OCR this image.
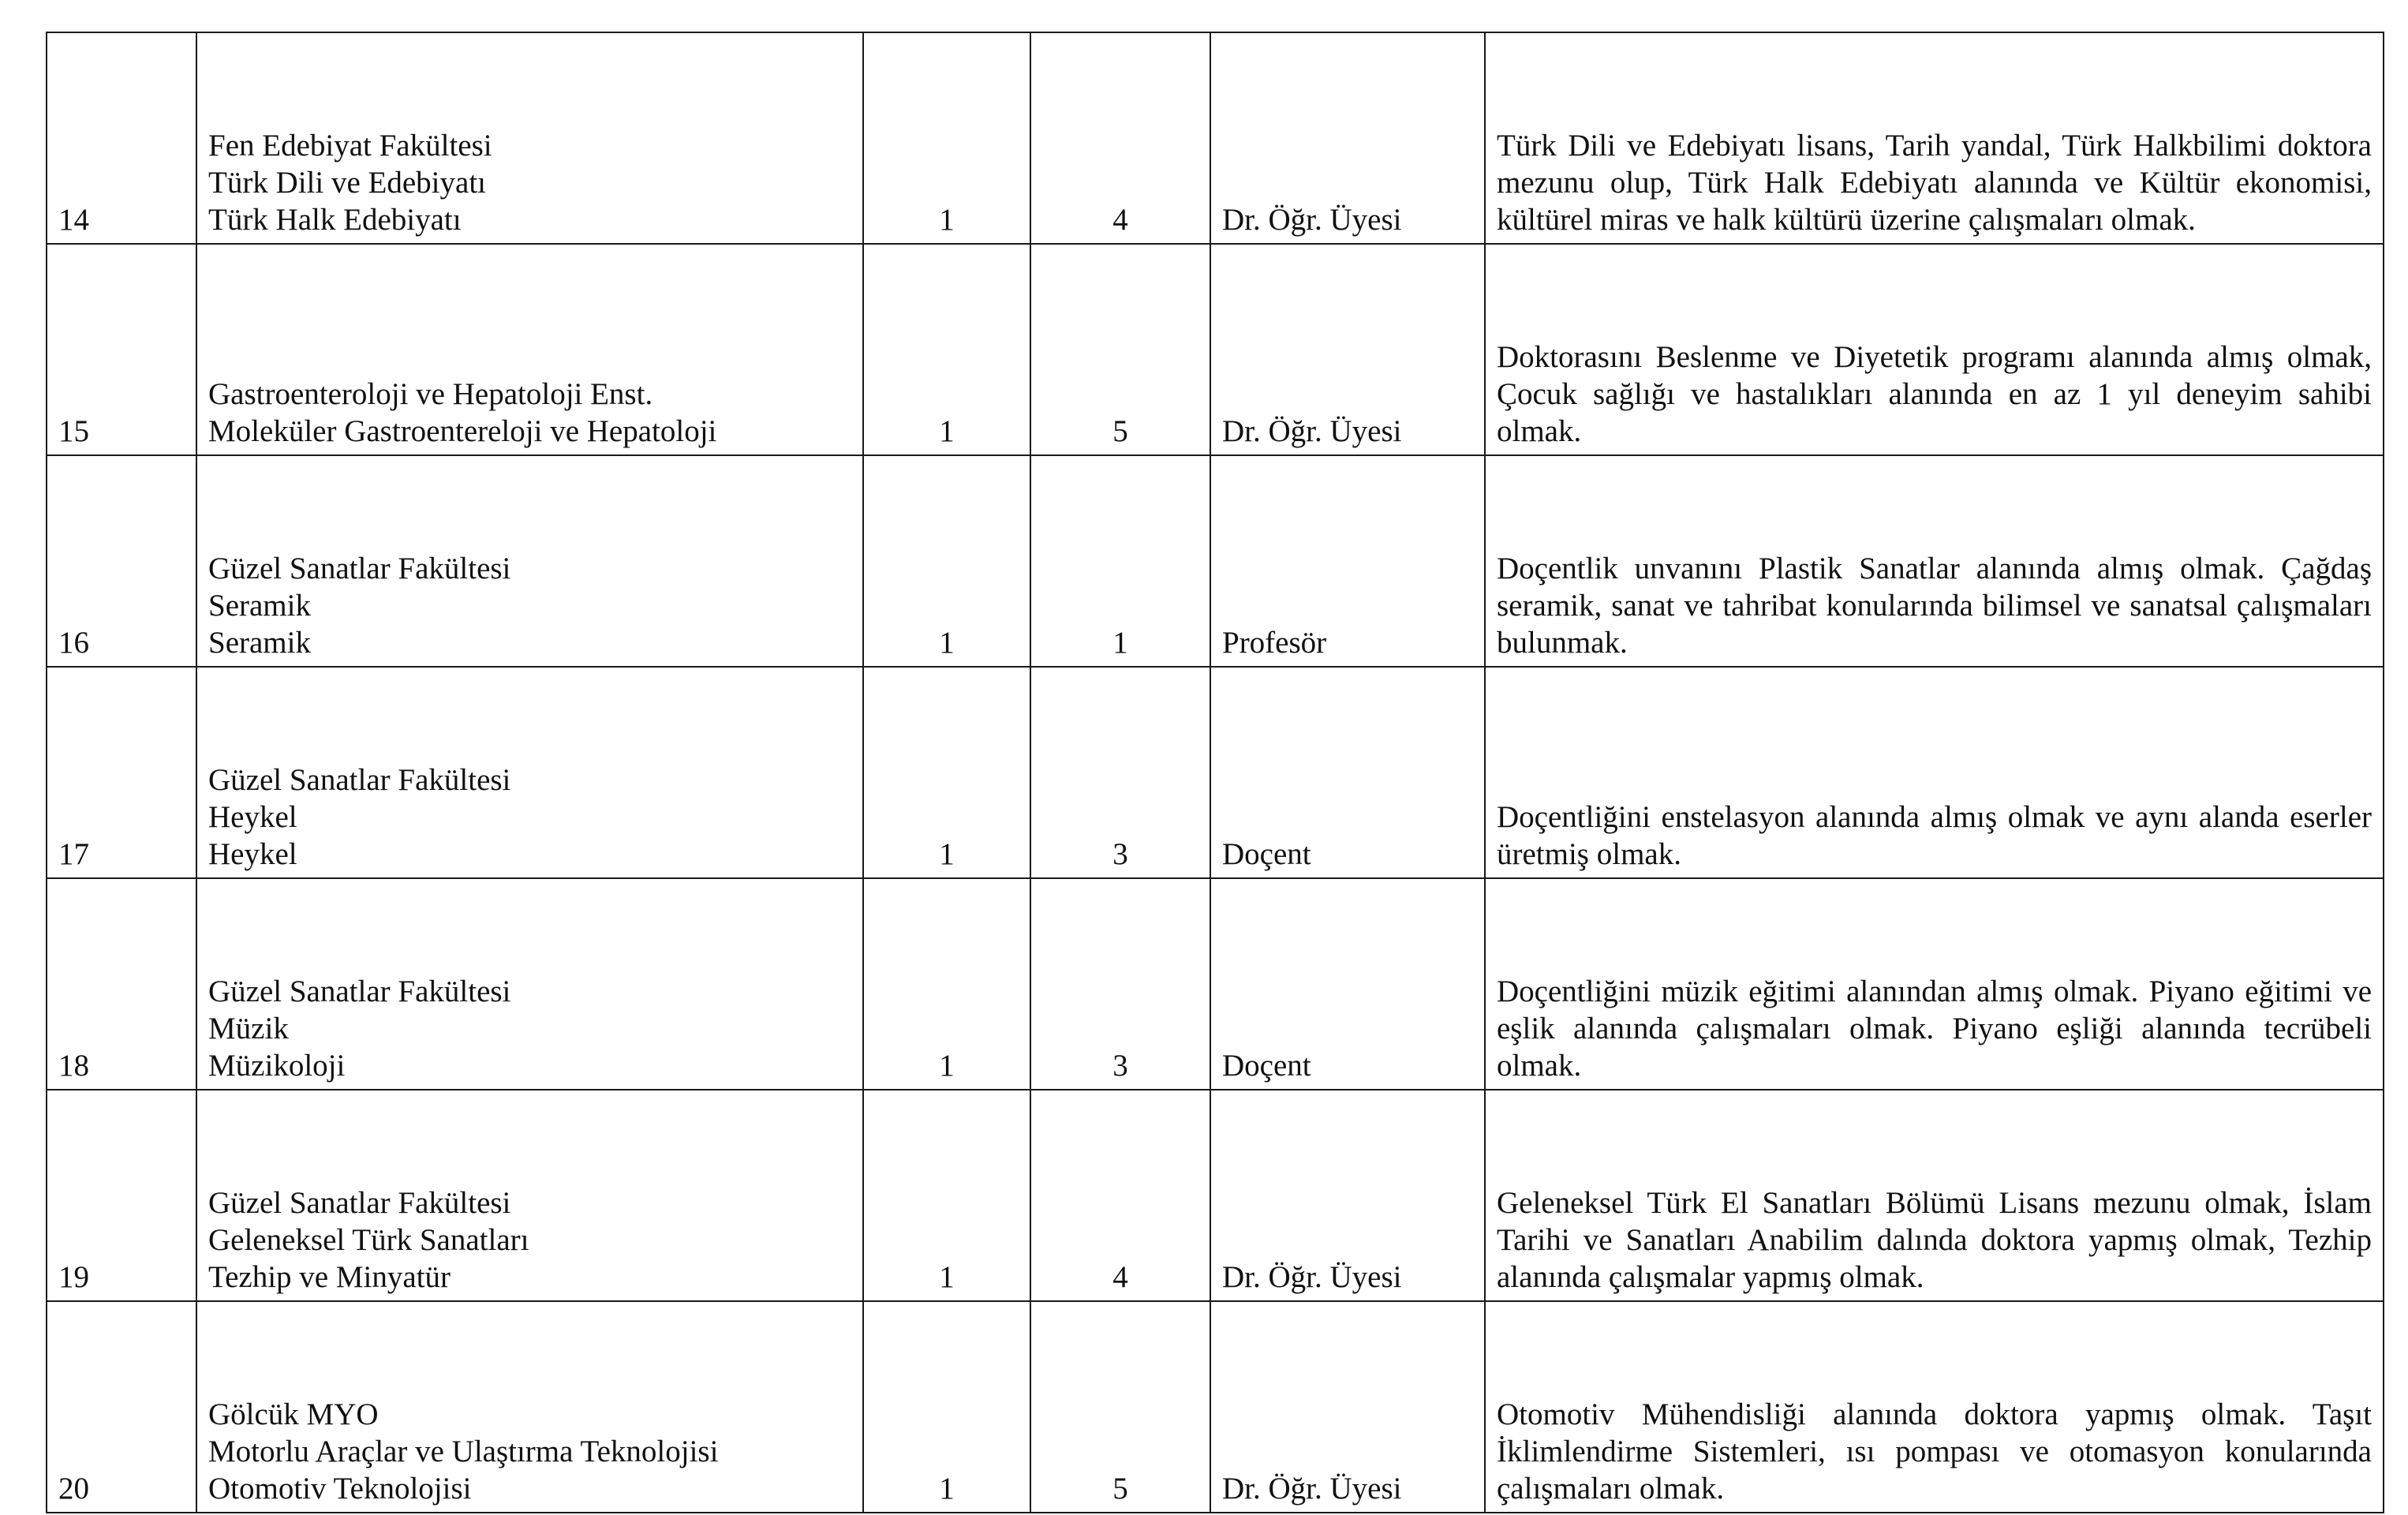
14	Fen Edebiyat Fakültesi
Türk Dili ve Edebiyatı
Türk Halk Edebiyatı	1	4	Dr. Öğr. Üyesi	Türk Dili ve Edebiyatı lisans, Tarih yandal, Türk Halkbilimi doktora mezunu olup, Türk Halk Edebiyatı alanında ve Kültür ekonomisi, kültürel miras ve halk kültürü üzerine çalışmaları olmak.

15	Gastroenteroloji ve Hepatoloji Enst.
Moleküler Gastroentereloji ve Hepatoloji	1	5	Dr. Öğr. Üyesi	Doktorasını Beslenme ve Diyetetik programı alanında almış olmak, Çocuk sağlığı ve hastalıkları alanında en az 1 yıl deneyim sahibi olmak.

16	Güzel Sanatlar Fakültesi
Seramik
Seramik	1	1	Profesör	Doçentlik unvanını Plastik Sanatlar alanında almış olmak. Çağdaş seramik, sanat ve tahribat konularında bilimsel ve sanatsal çalışmaları bulunmak.

17	Güzel Sanatlar Fakültesi
Heykel
Heykel	1	3	Doçent	Doçentliğini enstelasyon alanında almış olmak ve aynı alanda eserler üretmiş olmak.

18	Güzel Sanatlar Fakültesi
Müzik
Müzikoloji	1	3	Doçent	Doçentliğini müzik eğitimi alanından almış olmak. Piyano eğitimi ve eşlik alanında çalışmaları olmak. Piyano eşliği alanında tecrübeli olmak.

19	Güzel Sanatlar Fakültesi
Geleneksel Türk Sanatları
Tezhip ve Minyatür	1	4	Dr. Öğr. Üyesi	Geleneksel Türk El Sanatları Bölümü Lisans mezunu olmak, İslam Tarihi ve Sanatları Anabilim dalında doktora yapmış olmak, Tezhip alanında çalışmalar yapmış olmak.

20	Gölcük MYO
Motorlu Araçlar ve Ulaştırma Teknolojisi
Otomotiv Teknolojisi	1	5	Dr. Öğr. Üyesi	Otomotiv Mühendisliği alanında doktora yapmış olmak. Taşıt İklimlendirme Sistemleri, ısı pompası ve otomasyon konularında çalışmaları olmak.
